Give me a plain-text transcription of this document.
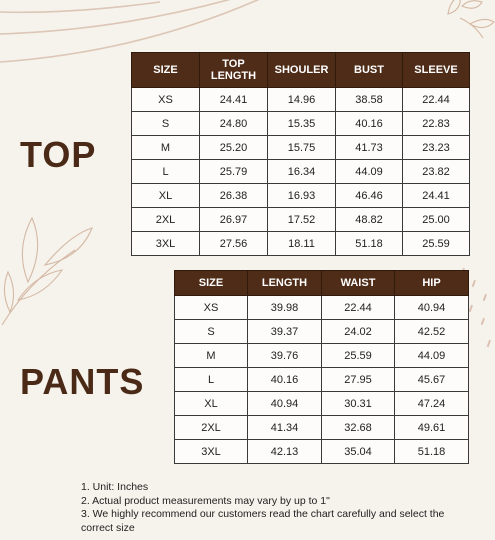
TOP
SIZE	TOP LENGTH	SHOULER	BUST	SLEEVE
XS	24.41	14.96	38.58	22.44
S	24.80	15.35	40.16	22.83
M	25.20	15.75	41.73	23.23
L	25.79	16.34	44.09	23.82
XL	26.38	16.93	46.46	24.41
2XL	26.97	17.52	48.82	25.00
3XL	27.56	18.11	51.18	25.59
PANTS
SIZE	LENGTH	WAIST	HIP
XS	39.98	22.44	40.94
S	39.37	24.02	42.52
M	39.76	25.59	44.09
L	40.16	27.95	45.67
XL	40.94	30.31	47.24
2XL	41.34	32.68	49.61
3XL	42.13	35.04	51.18
1. Unit: Inches
2. Actual product measurements may vary by up to 1"
3. We highly recommend our customers read the chart carefully and select the correct size
